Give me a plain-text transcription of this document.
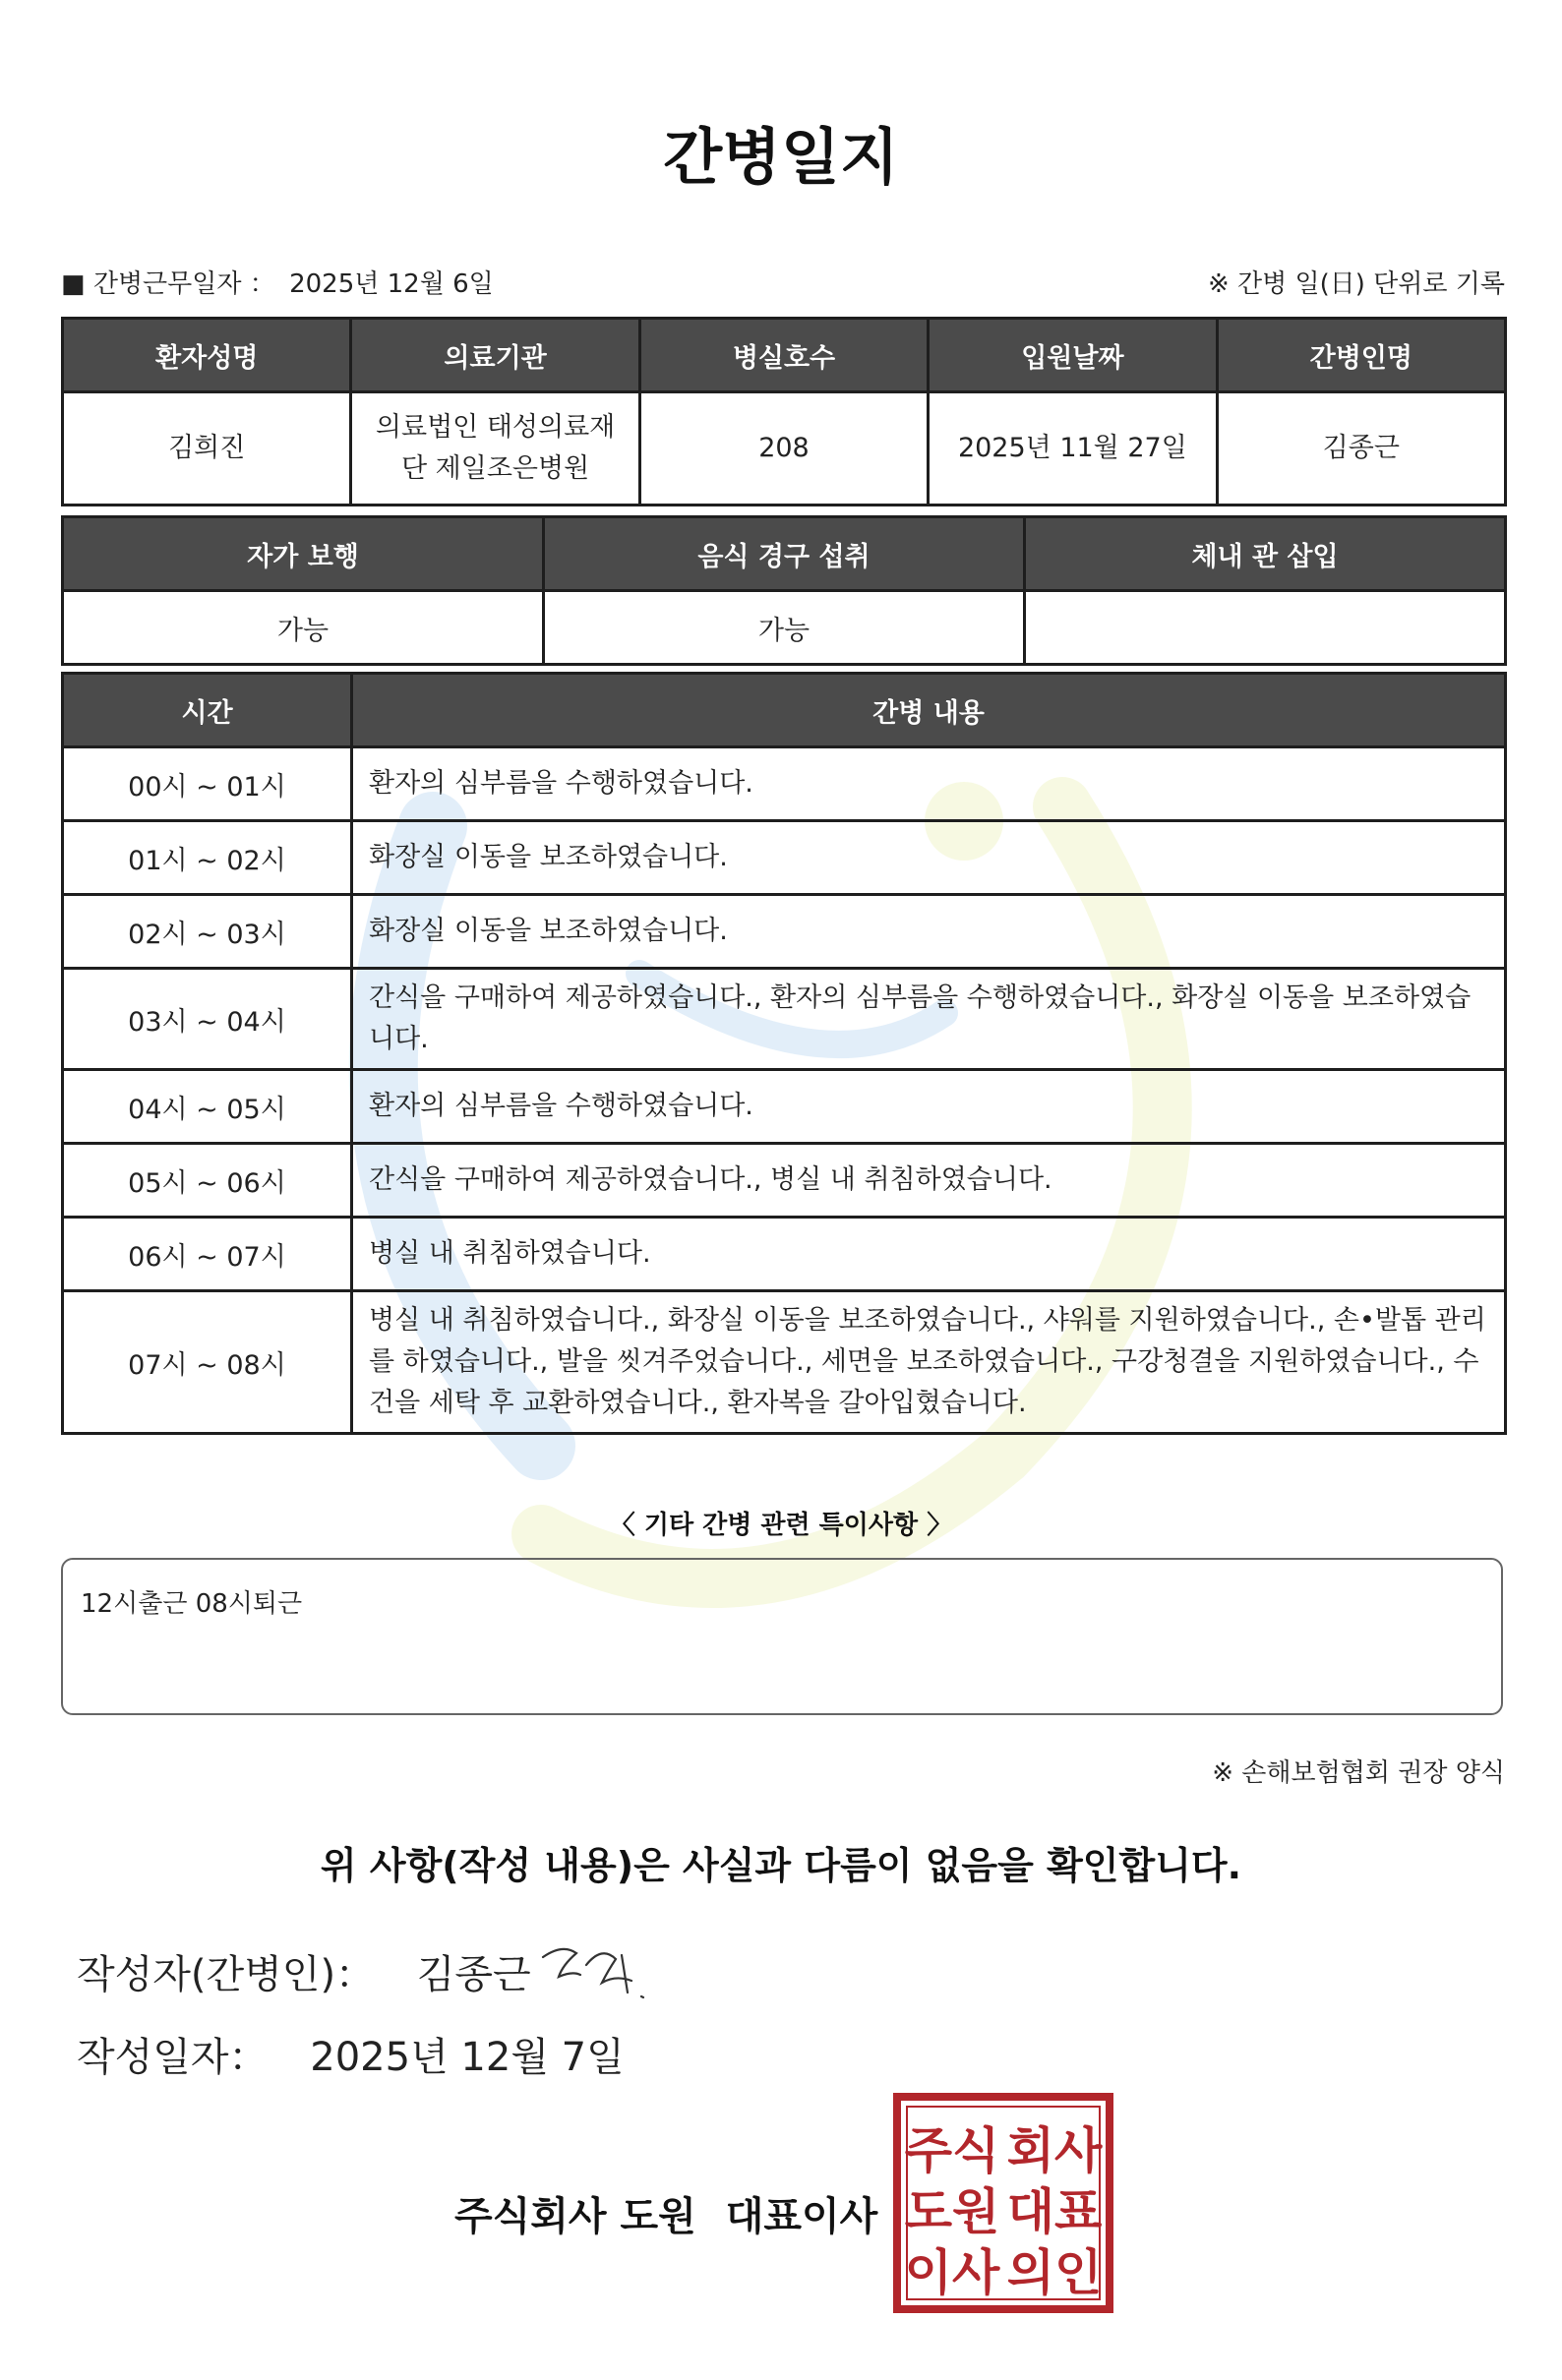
간병일지
■ 간병근무일자 ： 2025년 12월 6일	※ 간병 일(日) 단위로 기록
환자성명	의료기관	병실호수	입원날짜	간병인명
김희진	의료법인 태성의료재단 제일조은병원	208	2025년 11월 27일	김종근
자가 보행	음식 경구 섭취	체내 관 삽입
가능	가능	
시간	간병 내용
00시 ~ 01시	환자의 심부름을 수행하였습니다.
01시 ~ 02시	화장실 이동을 보조하였습니다.
02시 ~ 03시	화장실 이동을 보조하였습니다.
03시 ~ 04시	간식을 구매하여 제공하였습니다., 환자의 심부름을 수행하였습니다., 화장실 이동을 보조하였습니다.
04시 ~ 05시	환자의 심부름을 수행하였습니다.
05시 ~ 06시	간식을 구매하여 제공하였습니다., 병실 내 취침하였습니다.
06시 ~ 07시	병실 내 취침하였습니다.
07시 ~ 08시	병실 내 취침하였습니다., 화장실 이동을 보조하였습니다., 샤워를 지원하였습니다., 손•발톱 관리를 하였습니다., 발을 씻겨주었습니다., 세면을 보조하였습니다., 구강청결을 지원하였습니다., 수건을 세탁 후 교환하였습니다., 환자복을 갈아입혔습니다.
〈 기타 간병 관련 특이사항 〉
12시출근 08시퇴근
※ 손해보험협회 권장 양식
위 사항(작성 내용)은 사실과 다름이 없음을 확인합니다.
작성자(간병인)： 김종근
작성일자： 2025년 12월 7일
주식회사 도원 대표이사
주식 회사
도원 대표
이사 의인
